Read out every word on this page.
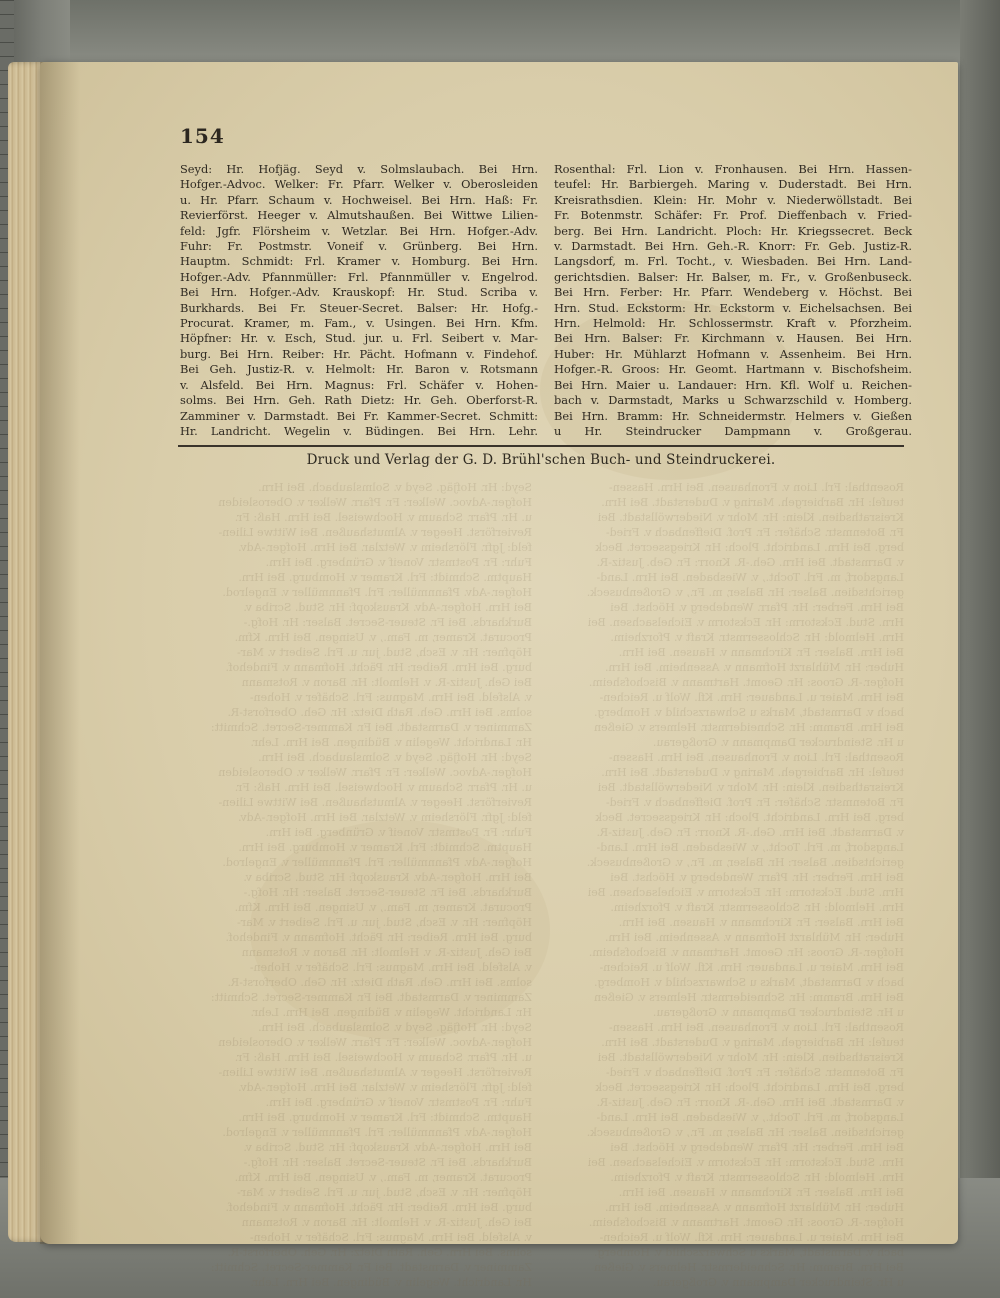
154
Seyd: Hr. Hofjäg. Seyd v. Solmslaubach. Bei Hrn.
Hofger.-Advoc. Welker: Fr. Pfarr. Welker v. Oberosleiden
u. Hr. Pfarr. Schaum v. Hochweisel. Bei Hrn. Haß: Fr.
Revierförst. Heeger v. Almutshaußen. Bei Wittwe Lilien-
feld: Jgfr. Flörsheim v. Wetzlar. Bei Hrn. Hofger.-Adv.
Fuhr: Fr. Postmstr. Voneif v. Grünberg. Bei Hrn.
Hauptm. Schmidt: Frl. Kramer v. Homburg. Bei Hrn.
Hofger.-Adv. Pfannmüller: Frl. Pfannmüller v. Engelrod.
Bei Hrn. Hofger.-Adv. Krauskopf: Hr. Stud. Scriba v.
Burkhards. Bei Fr. Steuer-Secret. Balser: Hr. Hofg.-
Procurat. Kramer, m. Fam., v. Usingen. Bei Hrn. Kfm.
Höpfner: Hr. v. Esch, Stud. jur. u. Frl. Seibert v. Mar-
burg. Bei Hrn. Reiber: Hr. Pächt. Hofmann v. Findehof.
Bei Geh. Justiz-R. v. Helmolt: Hr. Baron v. Rotsmann
v. Alsfeld. Bei Hrn. Magnus: Frl. Schäfer v. Hohen-
solms. Bei Hrn. Geh. Rath Dietz: Hr. Geh. Oberforst-R.
Zamminer v. Darmstadt. Bei Fr. Kammer-Secret. Schmitt:
Hr. Landricht. Wegelin v. Büdingen. Bei Hrn. Lehr.
Rosenthal: Frl. Lion v. Fronhausen. Bei Hrn. Hassen-
teufel: Hr. Barbiergeh. Maring v. Duderstadt. Bei Hrn.
Kreisrathsdien. Klein: Hr. Mohr v. Niederwöllstadt. Bei
Fr. Botenmstr. Schäfer: Fr. Prof. Dieffenbach v. Fried-
berg. Bei Hrn. Landricht. Ploch: Hr. Kriegssecret. Beck
v. Darmstadt. Bei Hrn. Geh.-R. Knorr: Fr. Geb. Justiz-R.
Langsdorf, m. Frl. Tocht., v. Wiesbaden. Bei Hrn. Land-
gerichtsdien. Balser: Hr. Balser, m. Fr., v. Großenbuseck.
Bei Hrn. Ferber: Hr. Pfarr. Wendeberg v. Höchst. Bei
Hrn. Stud. Eckstorm: Hr. Eckstorm v. Eichelsachsen. Bei
Hrn. Helmold: Hr. Schlossermstr. Kraft v. Pforzheim.
Bei Hrn. Balser: Fr. Kirchmann v. Hausen. Bei Hrn.
Huber: Hr. Mühlarzt Hofmann v. Assenheim. Bei Hrn.
Hofger.-R. Groos: Hr. Geomt. Hartmann v. Bischofsheim.
Bei Hrn. Maier u. Landauer: Hrn. Kfl. Wolf u. Reichen-
bach v. Darmstadt, Marks u Schwarzschild v. Homberg.
Bei Hrn. Bramm: Hr. Schneidermstr. Helmers v. Gießen
u Hr. Steindrucker Dampmann v. Großgerau.
Druck und Verlag der G. D. Brühl'schen Buch- und Steindruckerei.
